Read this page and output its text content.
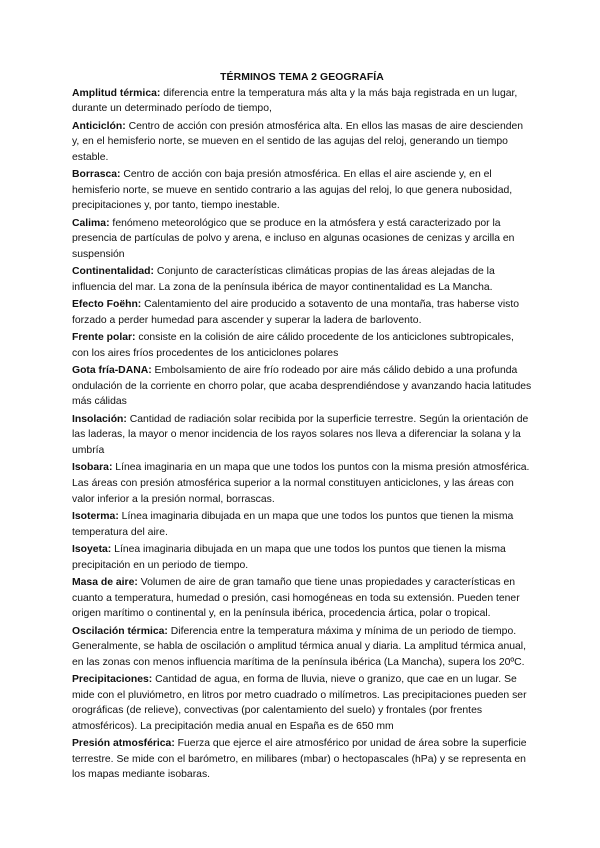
TÉRMINOS TEMA 2 GEOGRAFÍA
Amplitud térmica: diferencia entre la temperatura más alta y la más baja registrada en un lugar, durante un determinado período de tiempo,
Anticiclón: Centro de acción con presión atmosférica alta. En ellos las masas de aire descienden y, en el hemisferio norte, se mueven en el sentido de las agujas del reloj, generando un tiempo estable.
Borrasca: Centro de acción con baja presión atmosférica. En ellas el aire asciende y, en el hemisferio norte, se mueve en sentido contrario a las agujas del reloj, lo que genera nubosidad, precipitaciones y, por tanto, tiempo inestable.
Calima: fenómeno meteorológico que se produce en la atmósfera y está caracterizado por la presencia de partículas de polvo y arena, e incluso en algunas ocasiones de cenizas y arcilla en suspensión
Continentalidad: Conjunto de características climáticas propias de las áreas alejadas de la influencia del mar. La zona de la península ibérica de mayor continentalidad es La Mancha.
Efecto Foëhn: Calentamiento del aire producido a sotavento de una montaña, tras haberse visto forzado a perder humedad para ascender y superar la ladera de barlovento.
Frente polar: consiste en la colisión de aire cálido procedente de los anticiclones subtropicales, con los aires fríos procedentes de los anticiclones polares
Gota fría-DANA: Embolsamiento de aire frío rodeado por aire más cálido debido a una profunda ondulación de la corriente en chorro polar, que acaba desprendiéndose y avanzando hacia latitudes más cálidas
Insolación: Cantidad de radiación solar recibida por la superficie terrestre. Según la orientación de las laderas, la mayor o menor incidencia de los rayos solares nos lleva a diferenciar la solana y la umbría
Isobara: Línea imaginaria en un mapa que une todos los puntos con la misma presión atmosférica. Las áreas con presión atmosférica superior a la normal constituyen anticiclones, y las áreas con valor inferior a la presión normal, borrascas.
Isoterma: Línea imaginaria dibujada en un mapa que une todos los puntos que tienen la misma temperatura del aire.
Isoyeta: Línea imaginaria dibujada en un mapa que une todos los puntos que tienen la misma precipitación en un periodo de tiempo.
Masa de aire: Volumen de aire de gran tamaño que tiene unas propiedades y características en cuanto a temperatura, humedad o presión, casi homogéneas en toda su extensión. Pueden tener origen marítimo o continental y, en la península ibérica, procedencia ártica, polar o tropical.
Oscilación térmica: Diferencia entre la temperatura máxima y mínima de un periodo de tiempo. Generalmente, se habla de oscilación o amplitud térmica anual y diaria. La amplitud térmica anual, en las zonas con menos influencia marítima de la península ibérica (La Mancha), supera los 20ºC.
Precipitaciones: Cantidad de agua, en forma de lluvia, nieve o granizo, que cae en un lugar. Se mide con el pluviómetro, en litros por metro cuadrado o milímetros. Las precipitaciones pueden ser orográficas (de relieve), convectivas (por calentamiento del suelo) y frontales (por frentes atmosféricos). La precipitación media anual en España es de 650 mm
Presión atmosférica: Fuerza que ejerce el aire atmosférico por unidad de área sobre la superficie terrestre. Se mide con el barómetro, en milibares (mbar) o hectopascales (hPa) y se representa en los mapas mediante isobaras.
